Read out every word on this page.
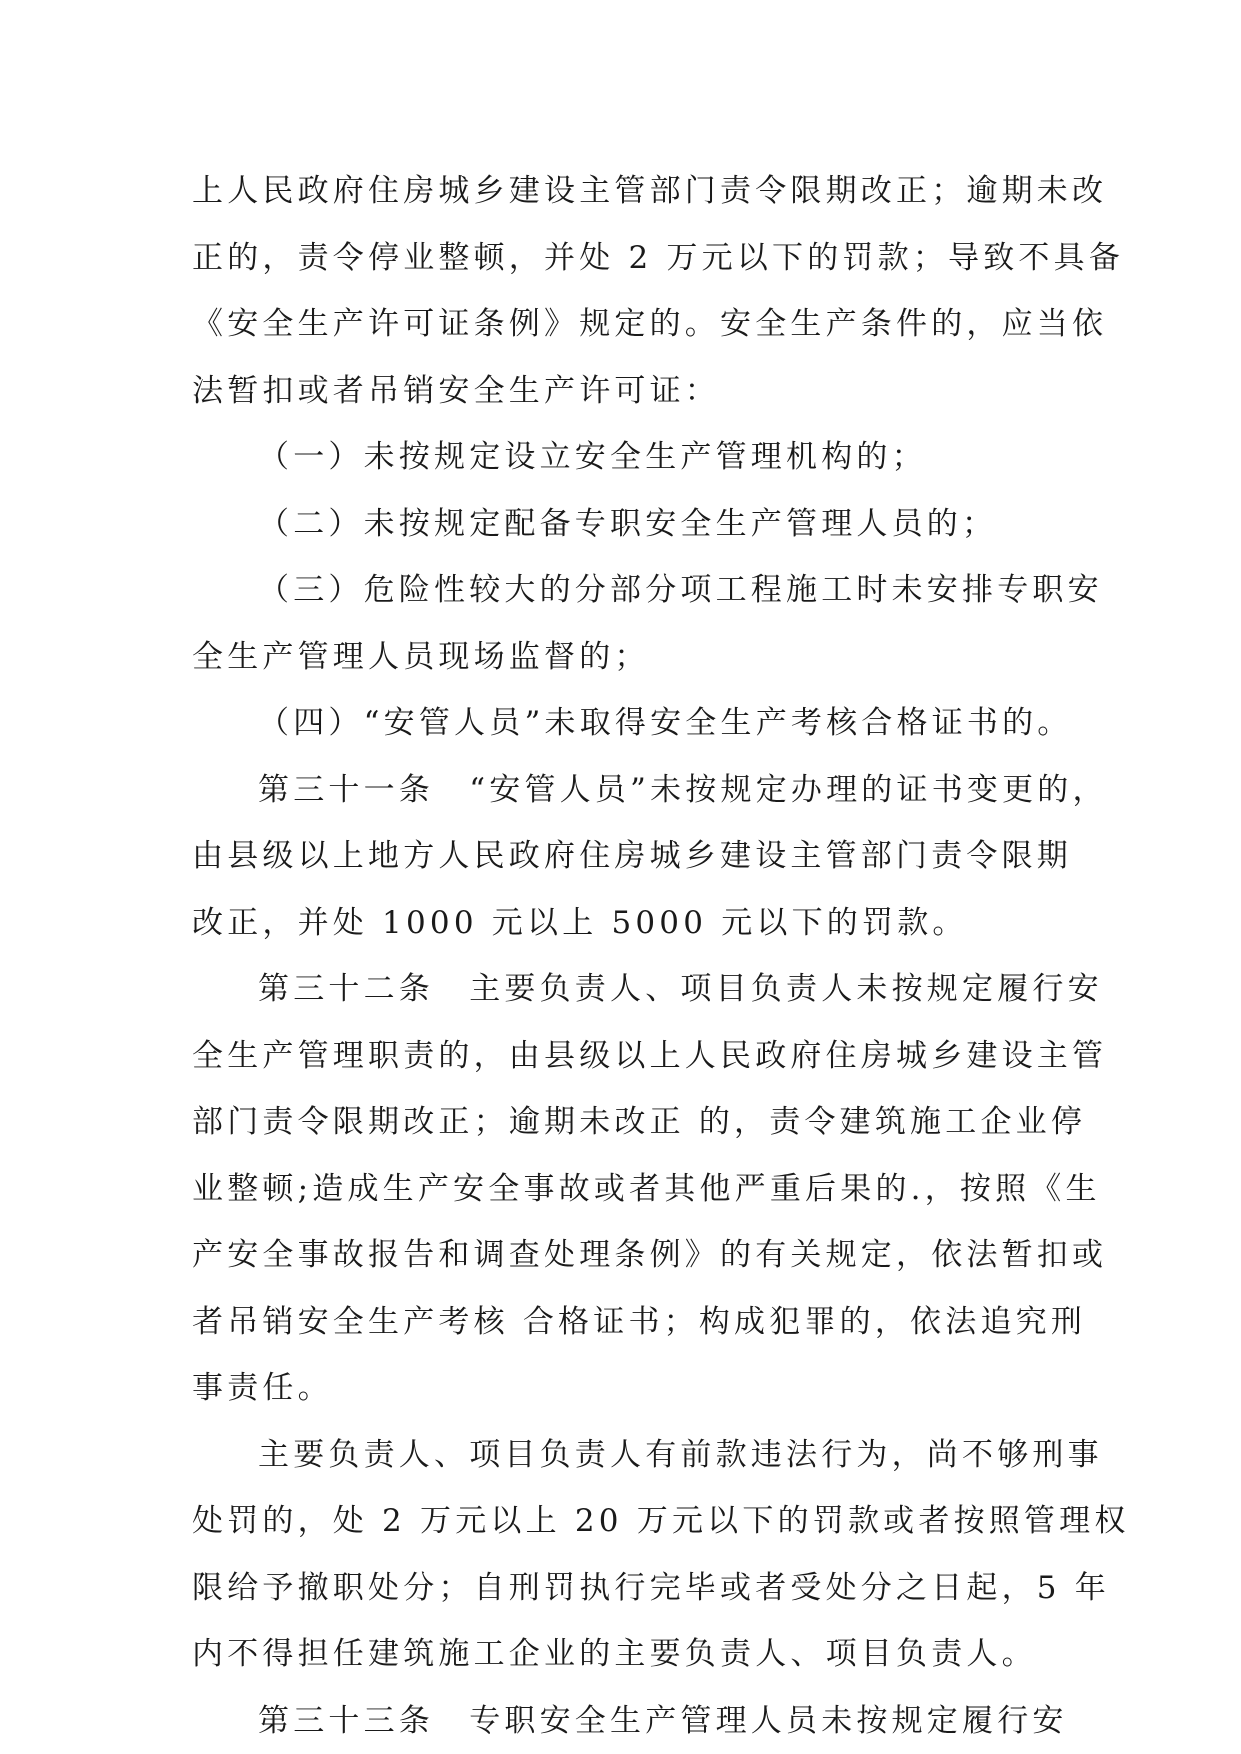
上人民政府住房城乡建设主管部门责令限期改正；逾期未改
正的，责令停业整顿，并处 2 万元以下的罚款；导致不具备
《安全生产许可证条例》规定的。安全生产条件的，应当依
法暂扣或者吊销安全生产许可证：
（一）未按规定设立安全生产管理机构的；
（二）未按规定配备专职安全生产管理人员的；
（三）危险性较大的分部分项工程施工时未安排专职安
全生产管理人员现场监督的；
（四）“安管人员”未取得安全生产考核合格证书的。
第三十一条　“安管人员”未按规定办理的证书变更的，
由县级以上地方人民政府住房城乡建设主管部门责令限期
改正，并处 1000 元以上 5000 元以下的罚款。
第三十二条　主要负责人、项目负责人未按规定履行安
全生产管理职责的，由县级以上人民政府住房城乡建设主管
部门责令限期改正；逾期未改正 的，责令建筑施工企业停
业整顿;造成生产安全事故或者其他严重后果的.，按照《生
产安全事故报告和调查处理条例》的有关规定，依法暂扣或
者吊销安全生产考核 合格证书；构成犯罪的，依法追究刑
事责任。
主要负责人、项目负责人有前款违法行为，尚不够刑事
处罚的，处 2 万元以上 20 万元以下的罚款或者按照管理权
限给予撤职处分；自刑罚执行完毕或者受处分之日起，5 年
内不得担任建筑施工企业的主要负责人、项目负责人。
第三十三条　专职安全生产管理人员未按规定履行安
